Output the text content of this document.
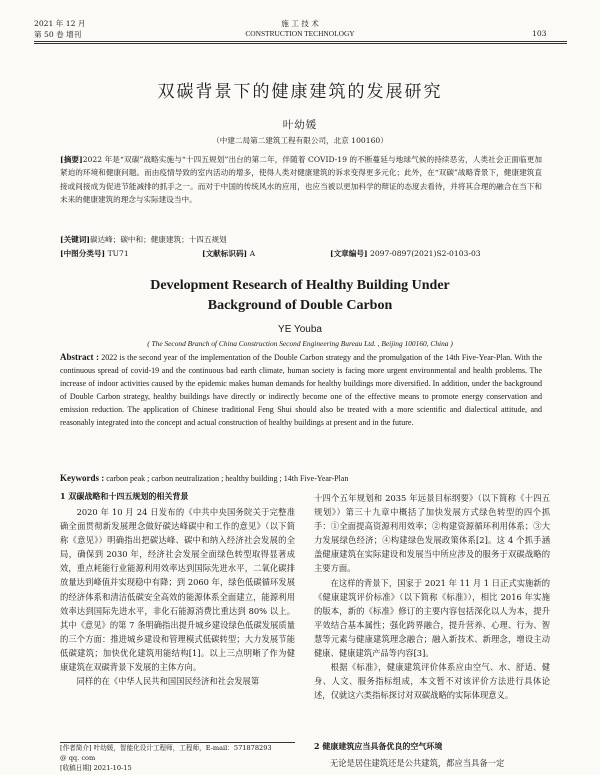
2021 年 12 月
第 50 卷 增刊
施 工 技 术
CONSTRUCTION TECHNOLOGY	103
双碳背景下的健康建筑的发展研究
叶幼媛
（中建二局第二建筑工程有限公司，北京 100160）
[摘要]2022 年是“双碳”战略实施与“十四五规划”出台的第二年，伴随着 COVID-19 的不断蔓延与地球气候的持续恶劣，人类社会正面临更加紧迫的环境和健康问题。而由疫情导致的室内活动的增多，使得人类对健康建筑的诉求变得更多元化；此外，在“双碳”战略背景下，健康建筑直接或间接成为促进节能减排的抓手之一。而对于中国的传统风水的应用，也应当被以更加科学的辩证的态度去看待，并将其合理的融合在当下和未来的健康建筑的理念与实际建设当中。
[关键词]碳达峰；碳中和；健康建筑；十四五规划
[中图分类号] TU71	[文献标识码] A	[文章编号] 2097-0897(2021)S2-0103-03
Development Research of Healthy Building Under
Background of Double Carbon
YE Youba
( The Second Branch of China Construction Second Engineering Bureau Ltd. , Beijing 100160, China )
Abstract : 2022 is the second year of the implementation of the Double Carbon strategy and the promulgation of the 14th Five-Year-Plan. With the continuous spread of covid-19 and the continuous bad earth climate, human society is facing more urgent environmental and health problems. The increase of indoor activities caused by the epidemic makes human demands for healthy buildings more diversified. In addition, under the background of Double Carbon strategy, healthy buildings have directly or indirectly become one of the effective means to promote energy conservation and emission reduction. The application of Chinese traditional Feng Shui should also be treated with a more scientific and dialectical attitude, and reasonably integrated into the concept and actual construction of healthy buildings at present and in the future.
Keywords : carbon peak ; carbon neutralization ; healthy building ; 14th Five-Year-Plan
1 双碳战略和十四五规划的相关背景

2020 年 10 月 24 日发布的《中共中央国务院关于完整准确全面贯彻新发展理念做好碳达峰碳中和工作的意见》（以下简称《意见》）明确指出把碳达峰、碳中和纳入经济社会发展的全局，确保到 2030 年，经济社会发展全面绿色转型取得显著成效，重点耗能行业能源利用效率达到国际先进水平，二氧化碳排放量达到峰值并实现稳中有降；到 2060 年，绿色低碳循环发展的经济体系和清洁低碳安全高效的能源体系全面建立，能源利用效率达到国际先进水平，非化石能源消费比重达到 80% 以上。其中《意见》的第 7 条明确指出提升城乡建设绿色低碳发展质量的三个方面：推进城乡建设和管理模式低碳转型；大力发展节能低碳建筑；加快优化建筑用能结构[1]。以上三点明晰了作为健康建筑在双碳背景下发展的主体方向。

同样的在《中华人民共和国国民经济和社会发展第

[作者简介] 叶幼媛，智能化设计工程师，工程师，E-mail：571878293
@ qq. com
[收稿日期] 2021-10-15

十四个五年规划和 2035 年远景目标纲要》（以下简称《十四五规划》）第三十九章中概括了加快发展方式绿色转型的四个抓手：①全面提高资源利用效率；②构建资源循环利用体系；③大力发展绿色经济；④构建绿色发展政策体系[2]。这 4 个抓手涵盖健康建筑在实际建设和发展当中所应涉及的服务于双碳战略的主要方面。

在这样的背景下，国家于 2021 年 11 月 1 日正式实施新的《健康建筑评价标准》（以下简称《标准》），相比 2016 年实施的版本，新的《标准》修订的主要内容包括深化以人为本，提升平效结合基本属性；强化跨界融合，提升营养、心理、行为、智慧等元素与健康建筑理念融合；融入新技术、新理念，增设主动健康、健康建筑产品等内容[3]。

根据《标准》，健康建筑评价体系应由空气、水、舒适、健身、人文、服务指标组成，本文暂不对该评价方法进行具体论述，仅就这六类指标探讨对双碳战略的实际体现意义。

2 健康建筑应当具备优良的空气环境
无论是居住建筑还是公共建筑，都应当具备一定
